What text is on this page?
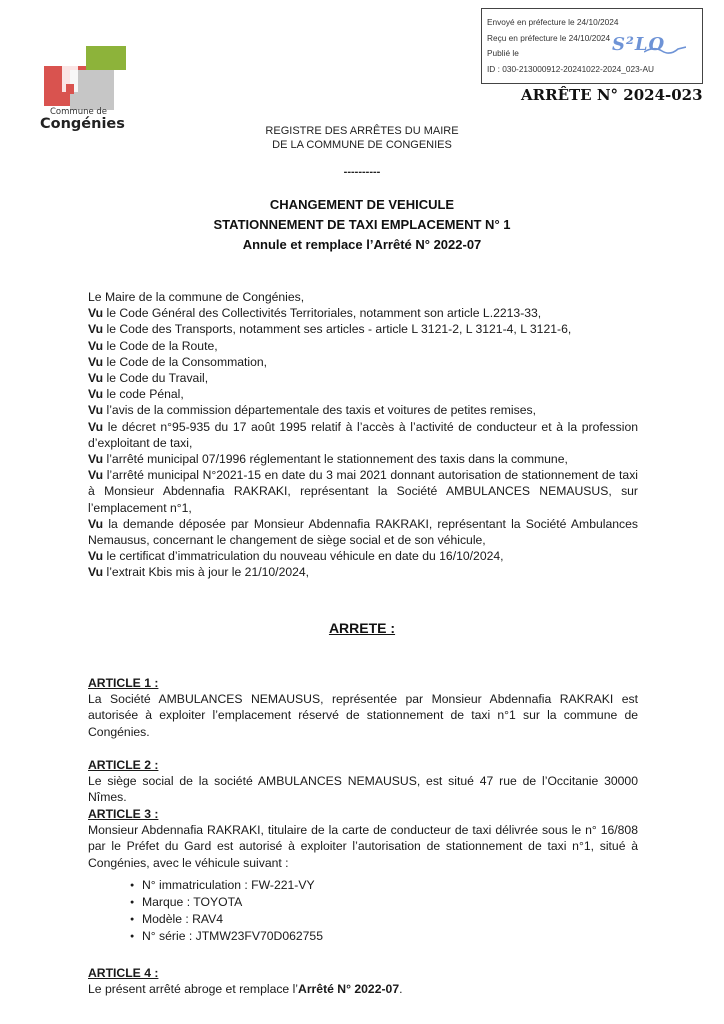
Envoyé en préfecture le 24/10/2024
Reçu en préfecture le 24/10/2024
Publié le
ID : 030-213000912-20241022-2024_023-AU
S²LO
Commune de
Congénies
ARRÊTE N° 2024-023
REGISTRE DES ARRÊTES DU MAIRE
DE LA COMMUNE DE CONGENIES
----------
CHANGEMENT DE VEHICULE
STATIONNEMENT DE TAXI EMPLACEMENT N° 1
Annule et remplace l’Arrêté N° 2022-07

Le Maire de la commune de Congénies,

Vu le Code Général des Collectivités Territoriales, notamment son article L.2213-33,

Vu le Code des Transports, notamment ses articles - article L 3121-2, L 3121-4, L 3121-6,

Vu le Code de la Route,

Vu le Code de la Consommation,

Vu le Code du Travail,

Vu le code Pénal,

Vu l’avis de la commission départementale des taxis et voitures de petites remises,

Vu le décret n°95-935 du 17 août 1995 relatif à l’accès à l’activité de conducteur et à la profession d’exploitant de taxi,

Vu l’arrêté municipal 07/1996 réglementant le stationnement des taxis dans la commune,

Vu l’arrêté municipal N°2021-15 en date du 3 mai 2021 donnant autorisation de stationnement de taxi à Monsieur Abdennafia RAKRAKI, représentant la Société AMBULANCES NEMAUSUS, sur l’emplacement n°1,

Vu la demande déposée par Monsieur Abdennafia RAKRAKI, représentant la Société Ambulances Nemausus, concernant le changement de siège social et de son véhicule,

Vu le certificat d’immatriculation du nouveau véhicule en date du 16/10/2024,

Vu l’extrait Kbis mis à jour le 21/10/2024,

ARRETE :

ARTICLE 1 :

La Société AMBULANCES NEMAUSUS, représentée par Monsieur Abdennafia RAKRAKI est autorisée à exploiter l’emplacement réservé de stationnement de taxi n°1 sur la commune de Congénies.

ARTICLE 2 :

Le siège social de la société AMBULANCES NEMAUSUS, est situé 47 rue de l’Occitanie 30000 Nîmes.

ARTICLE 3 :

Monsieur Abdennafia RAKRAKI, titulaire de la carte de conducteur de taxi délivrée sous le n° 16/808 par le Préfet du Gard est autorisé à exploiter l’autorisation de stationnement de taxi n°1, situé à Congénies, avec le véhicule suivant :

● N° immatriculation : FW-221-VY
● Marque : TOYOTA
● Modèle : RAV4
● N° série : JTMW23FV70D062755

ARTICLE 4 :

Le présent arrêté abroge et remplace l’Arrêté N° 2022-07.
